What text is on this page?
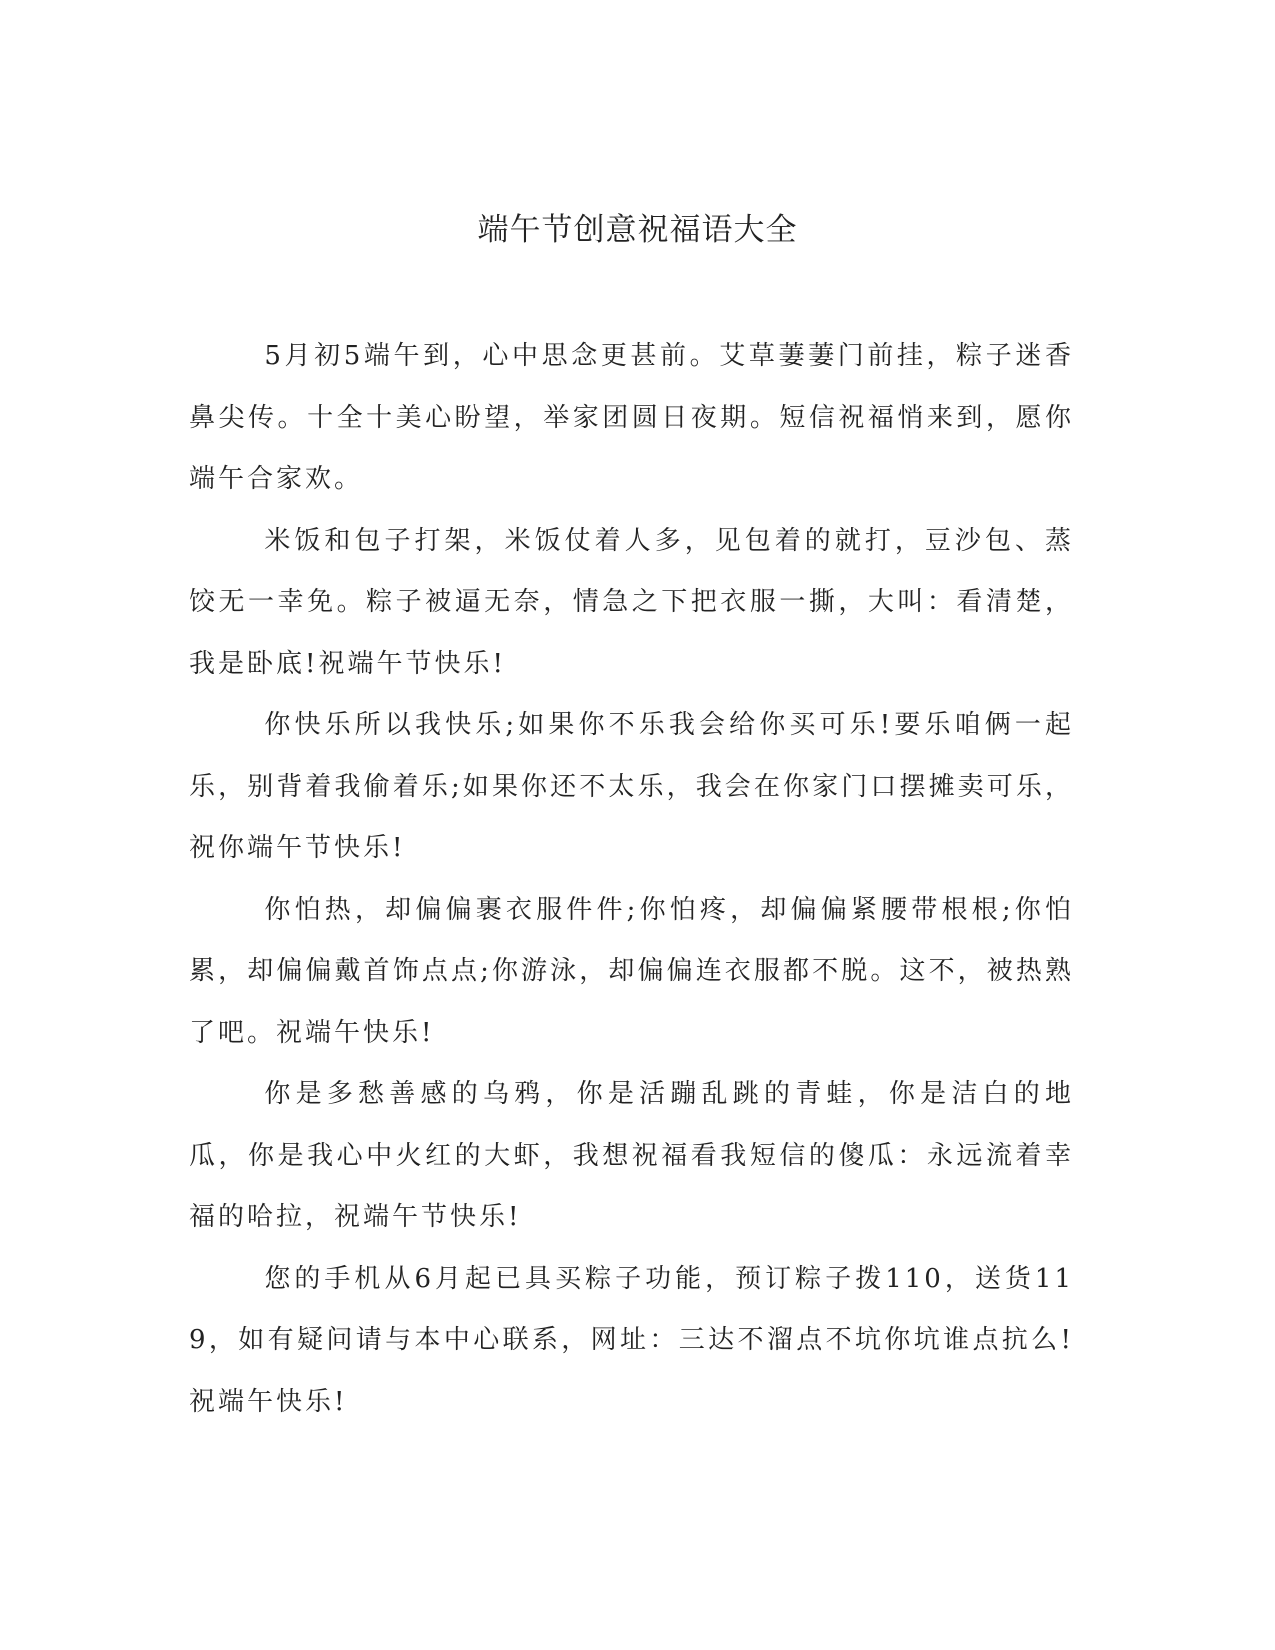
端午节创意祝福语大全

5月初5端午到，心中思念更甚前。艾草萋萋门前挂，粽子迷香鼻尖传。十全十美心盼望，举家团圆日夜期。短信祝福悄来到，愿你端午合家欢。

米饭和包子打架，米饭仗着人多，见包着的就打，豆沙包、蒸饺无一幸免。粽子被逼无奈，情急之下把衣服一撕，大叫：看清楚，我是卧底!祝端午节快乐!

你快乐所以我快乐;如果你不乐我会给你买可乐!要乐咱俩一起乐，别背着我偷着乐;如果你还不太乐，我会在你家门口摆摊卖可乐，祝你端午节快乐!

你怕热，却偏偏裹衣服件件;你怕疼，却偏偏紧腰带根根;你怕累，却偏偏戴首饰点点;你游泳，却偏偏连衣服都不脱。这不，被热熟了吧。祝端午快乐!

你是多愁善感的乌鸦，你是活蹦乱跳的青蛙，你是洁白的地瓜，你是我心中火红的大虾，我想祝福看我短信的傻瓜：永远流着幸福的哈拉，祝端午节快乐!

您的手机从6月起已具买粽子功能，预订粽子拨110，送货119，如有疑问请与本中心联系，网址：三达不溜点不坑你坑谁点抗么!祝端午快乐!
